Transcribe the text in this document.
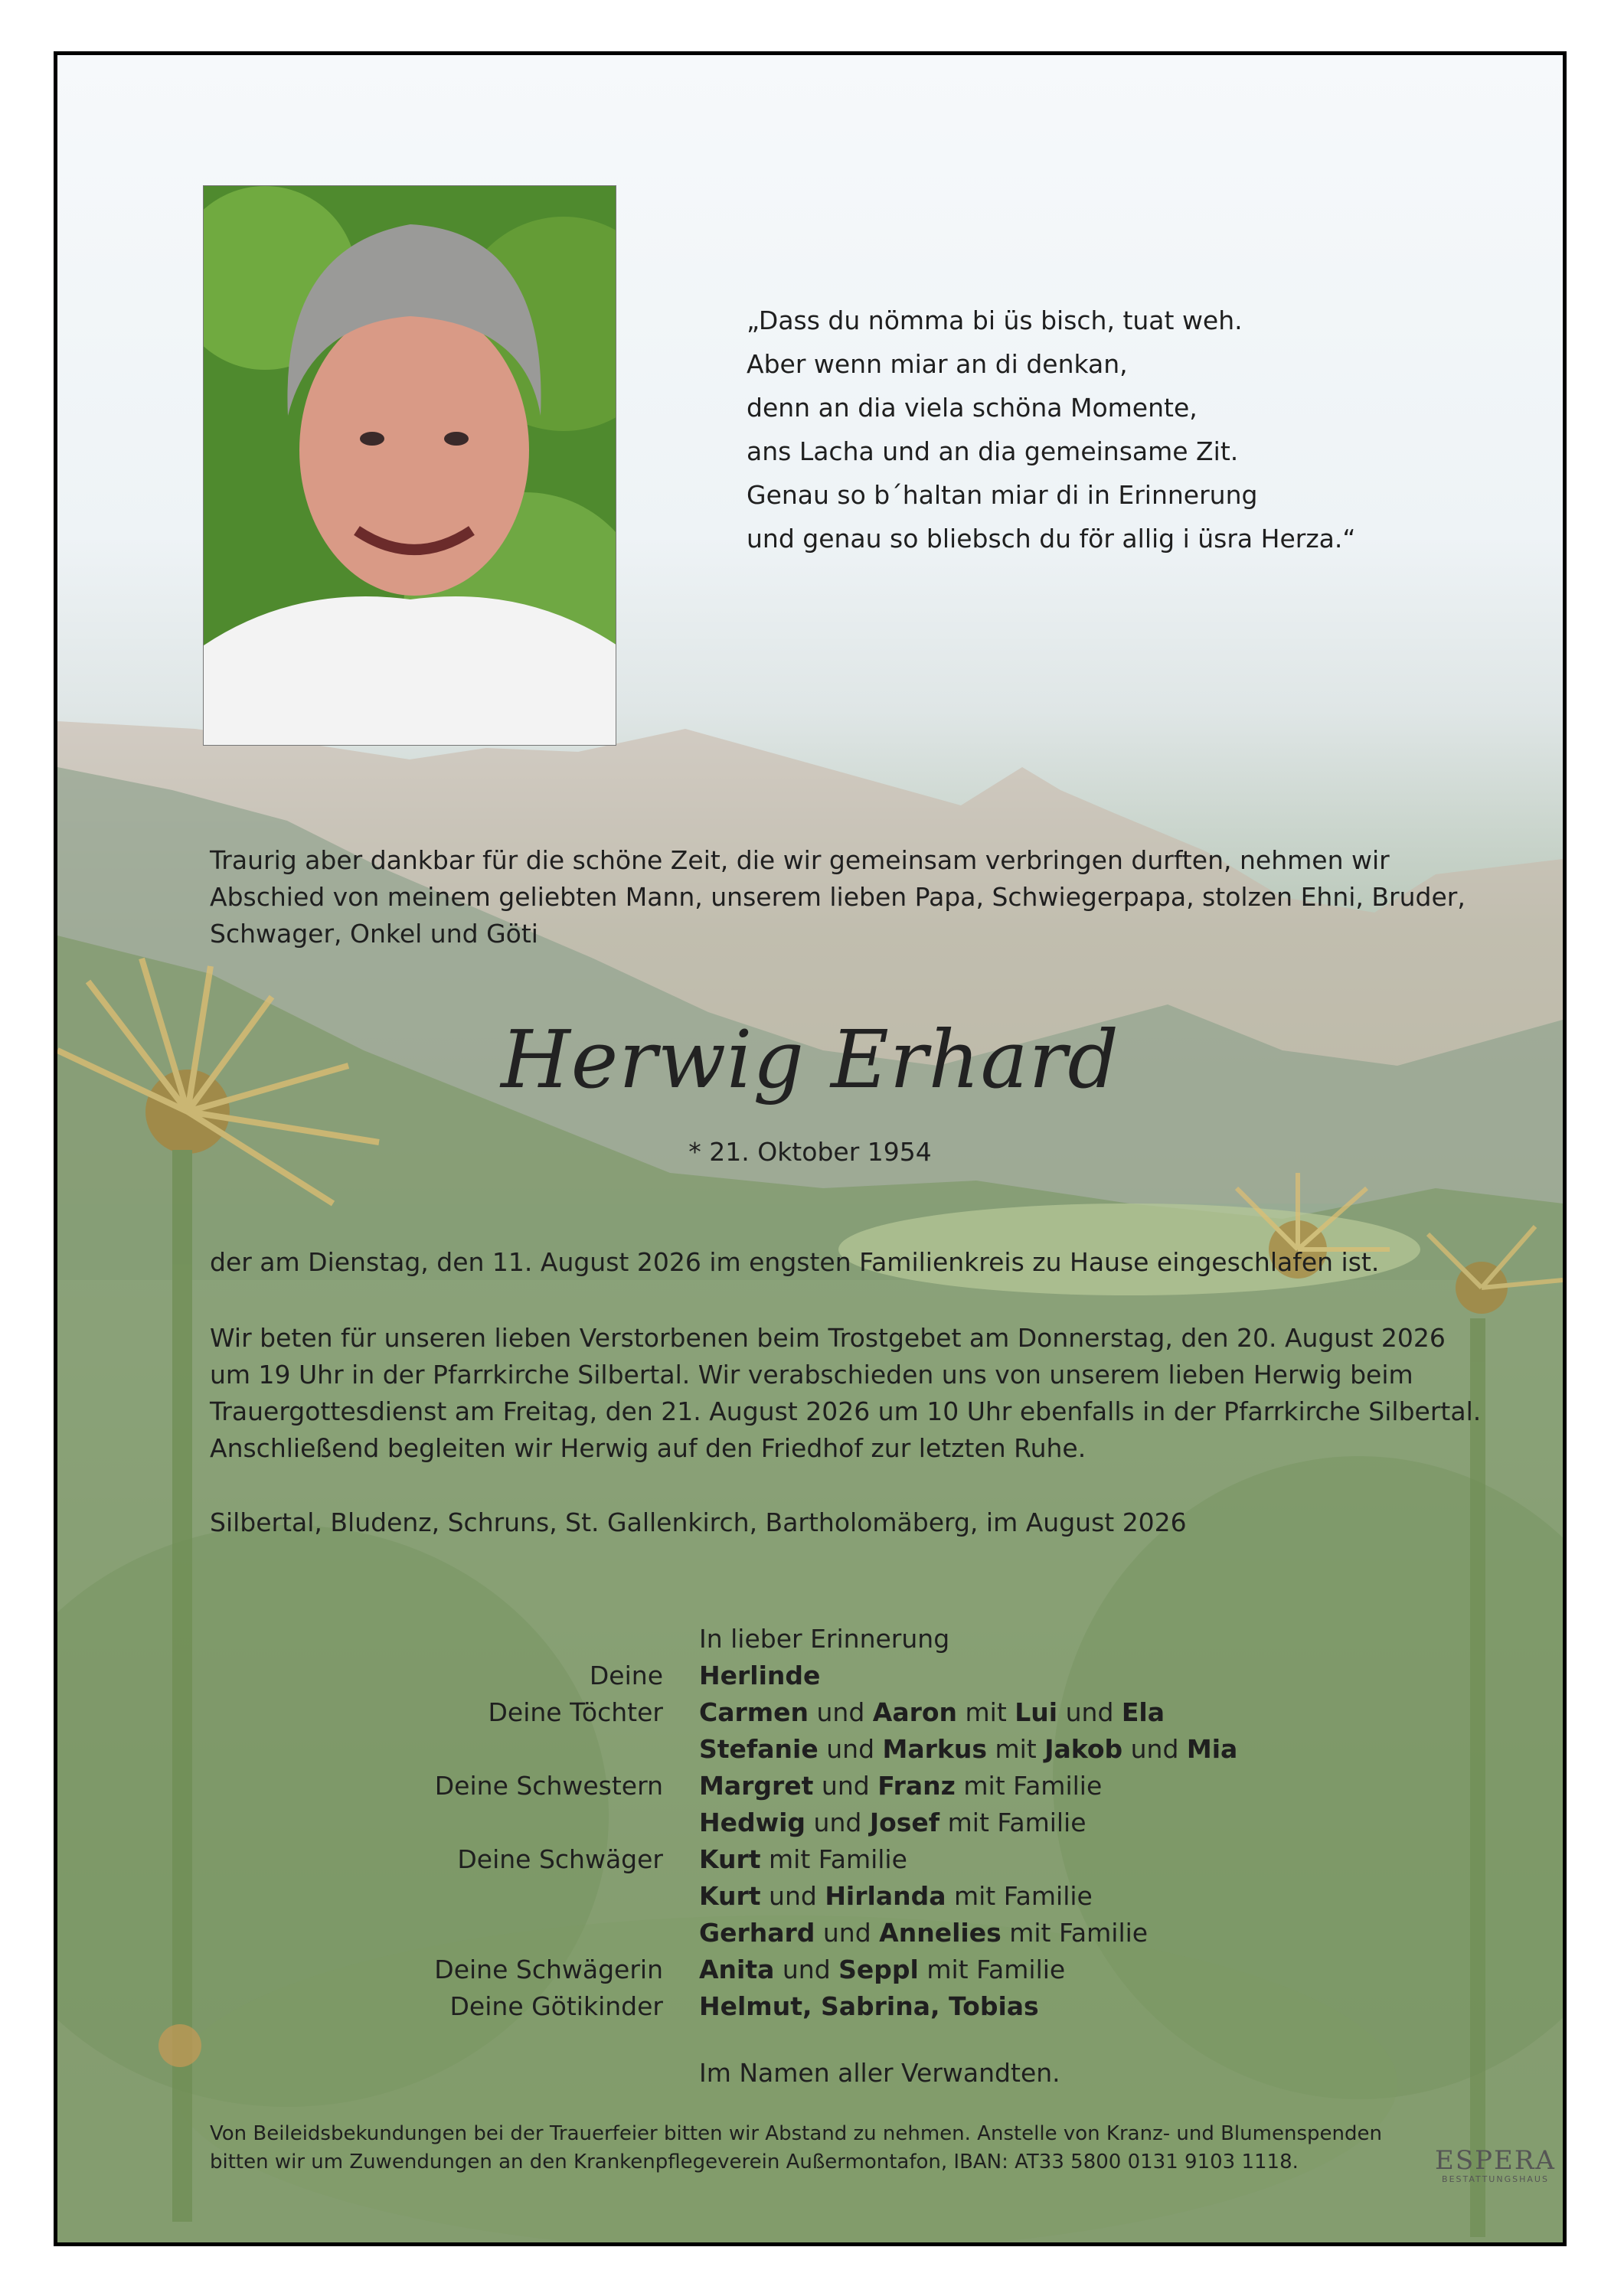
„Dass du nömma bi üs bisch, tuat weh.
Aber wenn miar an di denkan,
denn an dia viela schöna Momente,
ans Lacha und an dia gemeinsame Zit.
Genau so b´haltan miar di in Erinnerung
und genau so bliebsch du för allig i üsra Herza.“
Traurig aber dankbar für die schöne Zeit, die wir gemeinsam verbringen durften, nehmen wir
Abschied von meinem geliebten Mann, unserem lieben Papa, Schwiegerpapa, stolzen Ehni, Bruder,
Schwager, Onkel und Göti
Herwig Erhard
* 21. Oktober 1954
der am Dienstag, den 11. August 2026 im engsten Familienkreis zu Hause eingeschlafen ist.
Wir beten für unseren lieben Verstorbenen beim Trostgebet am Donnerstag, den 20. August 2026
um 19 Uhr in der Pfarrkirche Silbertal. Wir verabschieden uns von unserem lieben Herwig beim
Trauergottesdienst am Freitag, den 21. August 2026 um 10 Uhr ebenfalls in der Pfarrkirche Silbertal.
Anschließend begleiten wir Herwig auf den Friedhof zur letzten Ruhe.
Silbertal, Bludenz, Schruns, St. Gallenkirch, Bartholomäberg, im August 2026
In lieber Erinnerung
Deine Herlinde
Deine Töchter Carmen und Aaron mit Lui und Ela
Stefanie und Markus mit Jakob und Mia
Deine Schwestern Margret und Franz mit Familie
Hedwig und Josef mit Familie
Deine Schwäger Kurt mit Familie
Kurt und Hirlanda mit Familie
Gerhard und Annelies mit Familie
Deine Schwägerin Anita und Seppl mit Familie
Deine Götikinder Helmut, Sabrina, Tobias
Im Namen aller Verwandten.
Von Beileidsbekundungen bei der Trauerfeier bitten wir Abstand zu nehmen. Anstelle von Kranz- und Blumenspenden
bitten wir um Zuwendungen an den Krankenpflegeverein Außermontafon, IBAN: AT33 5800 0131 9103 1118.	ESPERA
BESTATTUNGSHAUS
